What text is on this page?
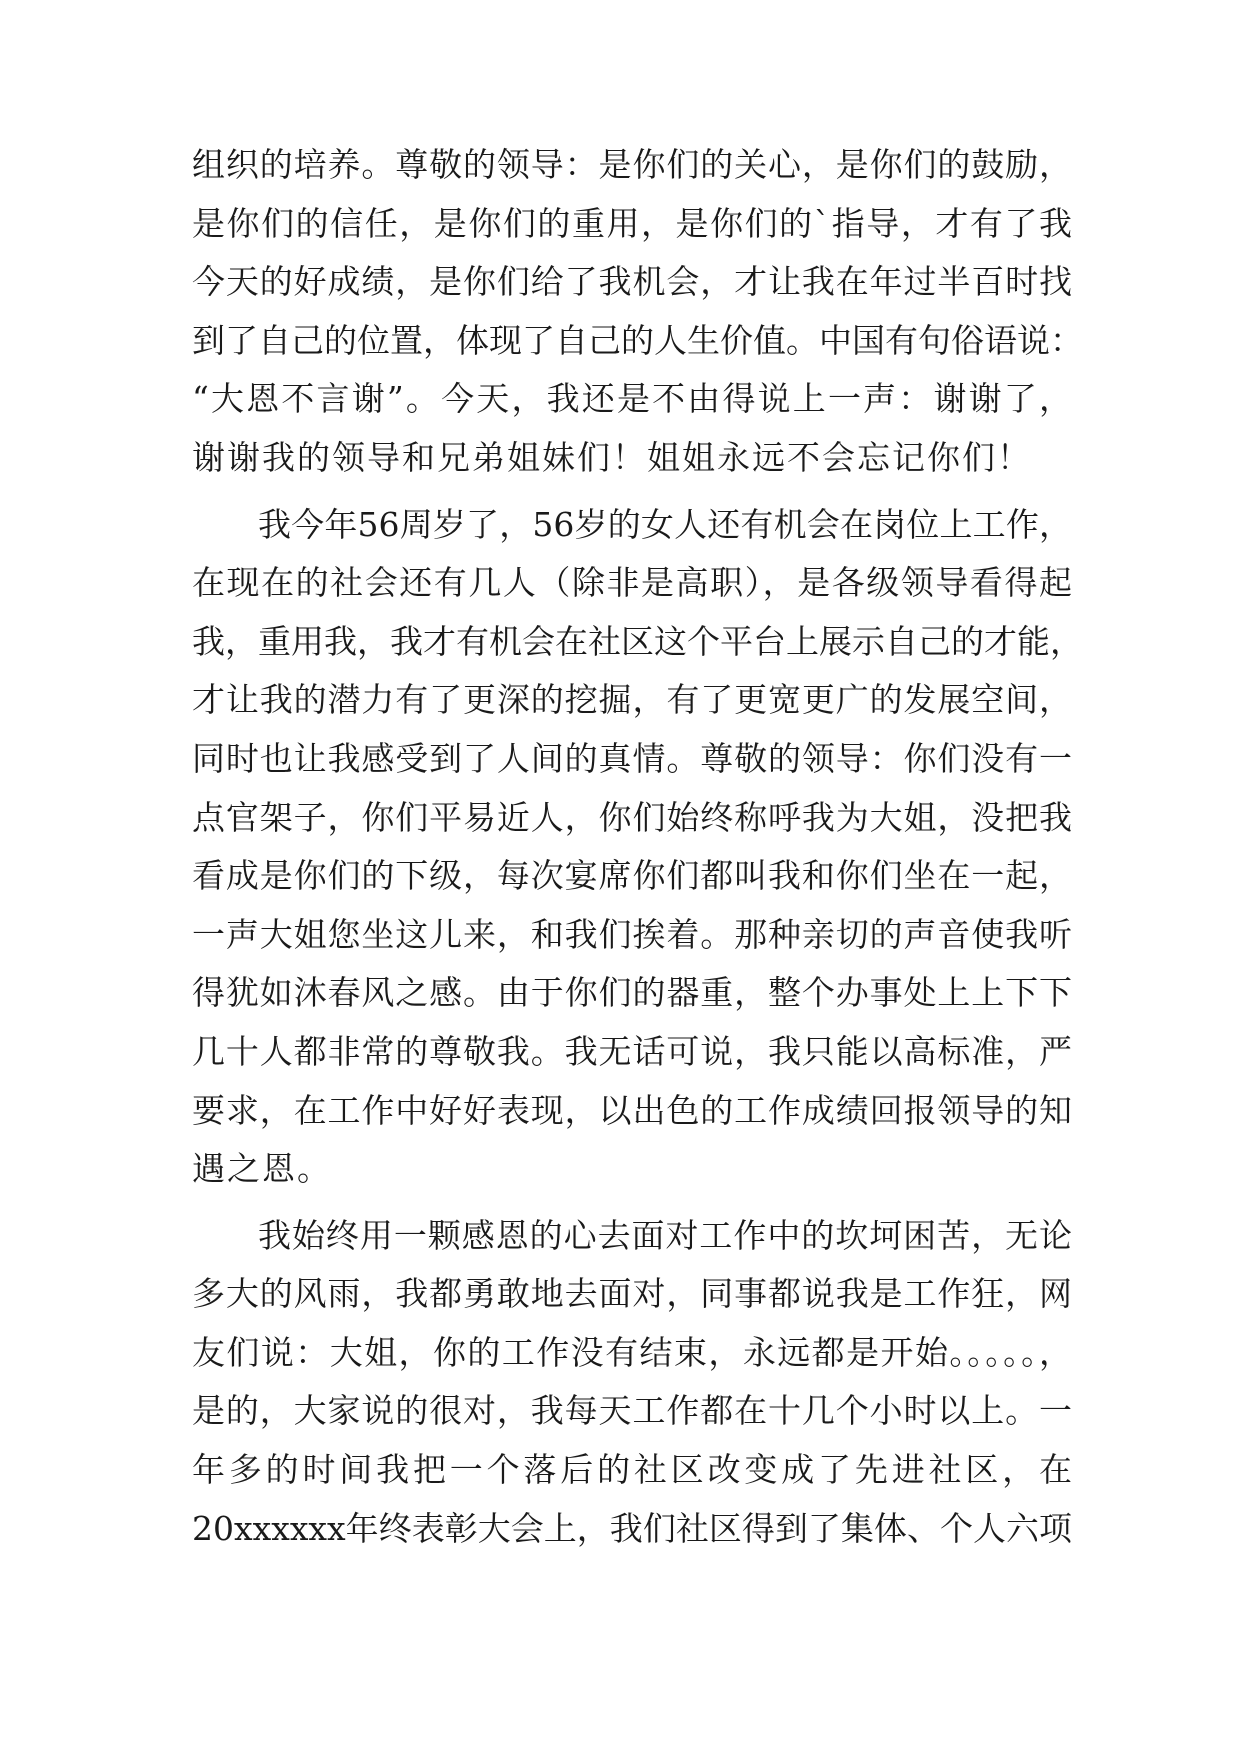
组织的培养。尊敬的领导：是你们的关心，是你们的鼓励，
是你们的信任，是你们的重用，是你们的`指导，才有了我
今天的好成绩，是你们给了我机会，才让我在年过半百时找
到了自己的位置，体现了自己的人生价值。中国有句俗语说：
“大恩不言谢”。今天，我还是不由得说上一声：谢谢了，
谢谢我的领导和兄弟姐妹们！姐姐永远不会忘记你们！
我今年56周岁了，56岁的女人还有机会在岗位上工作，
在现在的社会还有几人（除非是高职），是各级领导看得起
我，重用我，我才有机会在社区这个平台上展示自己的才能，
才让我的潜力有了更深的挖掘，有了更宽更广的发展空间，
同时也让我感受到了人间的真情。尊敬的领导：你们没有一
点官架子，你们平易近人，你们始终称呼我为大姐，没把我
看成是你们的下级，每次宴席你们都叫我和你们坐在一起，
一声大姐您坐这儿来，和我们挨着。那种亲切的声音使我听
得犹如沐春风之感。由于你们的器重，整个办事处上上下下
几十人都非常的尊敬我。我无话可说，我只能以高标准，严
要求，在工作中好好表现，以出色的工作成绩回报领导的知
遇之恩。
我始终用一颗感恩的心去面对工作中的坎坷困苦，无论
多大的风雨，我都勇敢地去面对，同事都说我是工作狂，网
友们说：大姐，你的工作没有结束，永远都是开始。。。。。，
是的，大家说的很对，我每天工作都在十几个小时以上。一
年多的时间我把一个落后的社区改变成了先进社区，在
20xxxxxx年终表彰大会上，我们社区得到了集体、个人六项
